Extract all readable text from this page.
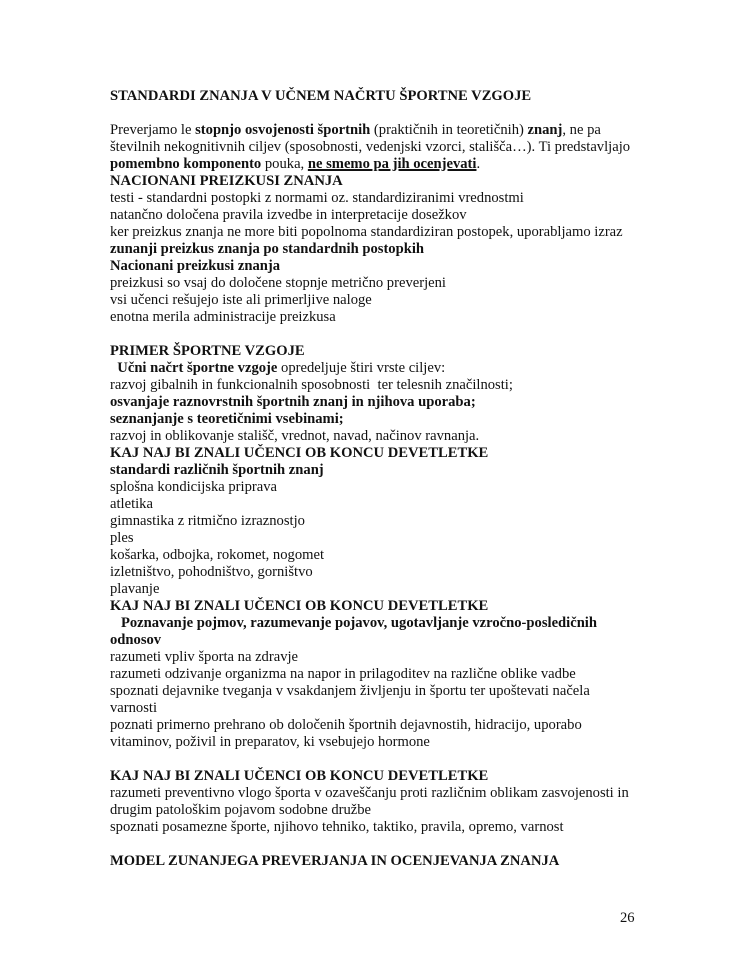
STANDARDI ZNANJA V UČNEM NAČRTU ŠPORTNE VZGOJE
Preverjamo le stopnjo osvojenosti športnih (praktičnih in teoretičnih) znanj, ne pa
številnih nekognitivnih ciljev (sposobnosti, vedenjski vzorci, stališča…). Ti predstavljajo
pomembno komponento pouka, ne smemo pa jih ocenjevati.
NACIONANI PREIZKUSI ZNANJA
testi - standardni postopki z normami oz. standardiziranimi vrednostmi
natančno določena pravila izvedbe in interpretacije dosežkov
ker preizkus znanja ne more biti popolnoma standardiziran postopek, uporabljamo izraz
zunanji preizkus znanja po standardnih postopkih
Nacionani preizkusi znanja
preizkusi so vsaj do določene stopnje metrično preverjeni
vsi učenci rešujejo iste ali primerljive naloge
enotna merila administracije preizkusa
PRIMER ŠPORTNE VZGOJE
Učni načrt športne vzgoje opredeljuje štiri vrste ciljev:
razvoj gibalnih in funkcionalnih sposobnosti  ter telesnih značilnosti;
osvanjaje raznovrstnih športnih znanj in njihova uporaba;
seznanjanje s teoretičnimi vsebinami;
razvoj in oblikovanje stališč, vrednot, navad, načinov ravnanja.
KAJ NAJ BI ZNALI UČENCI OB KONCU DEVETLETKE
standardi različnih športnih znanj
splošna kondicijska priprava
atletika
gimnastika z ritmično izraznostjo
ples
košarka, odbojka, rokomet, nogomet
izletništvo, pohodništvo, gorništvo
plavanje
KAJ NAJ BI ZNALI UČENCI OB KONCU DEVETLETKE
Poznavanje pojmov, razumevanje pojavov, ugotavljanje vzročno-posledičnih
odnosov
razumeti vpliv športa na zdravje
razumeti odzivanje organizma na napor in prilagoditev na različne oblike vadbe
spoznati dejavnike tveganja v vsakdanjem življenju in športu ter upoštevati načela
varnosti
poznati primerno prehrano ob določenih športnih dejavnostih, hidracijo, uporabo
vitaminov, poživil in preparatov, ki vsebujejo hormone
KAJ NAJ BI ZNALI UČENCI OB KONCU DEVETLETKE
razumeti preventivno vlogo športa v ozaveščanju proti različnim oblikam zasvojenosti in
drugim patološkim pojavom sodobne družbe
spoznati posamezne športe, njihovo tehniko, taktiko, pravila, opremo, varnost
MODEL ZUNANJEGA PREVERJANJA IN OCENJEVANJA ZNANJA
26
